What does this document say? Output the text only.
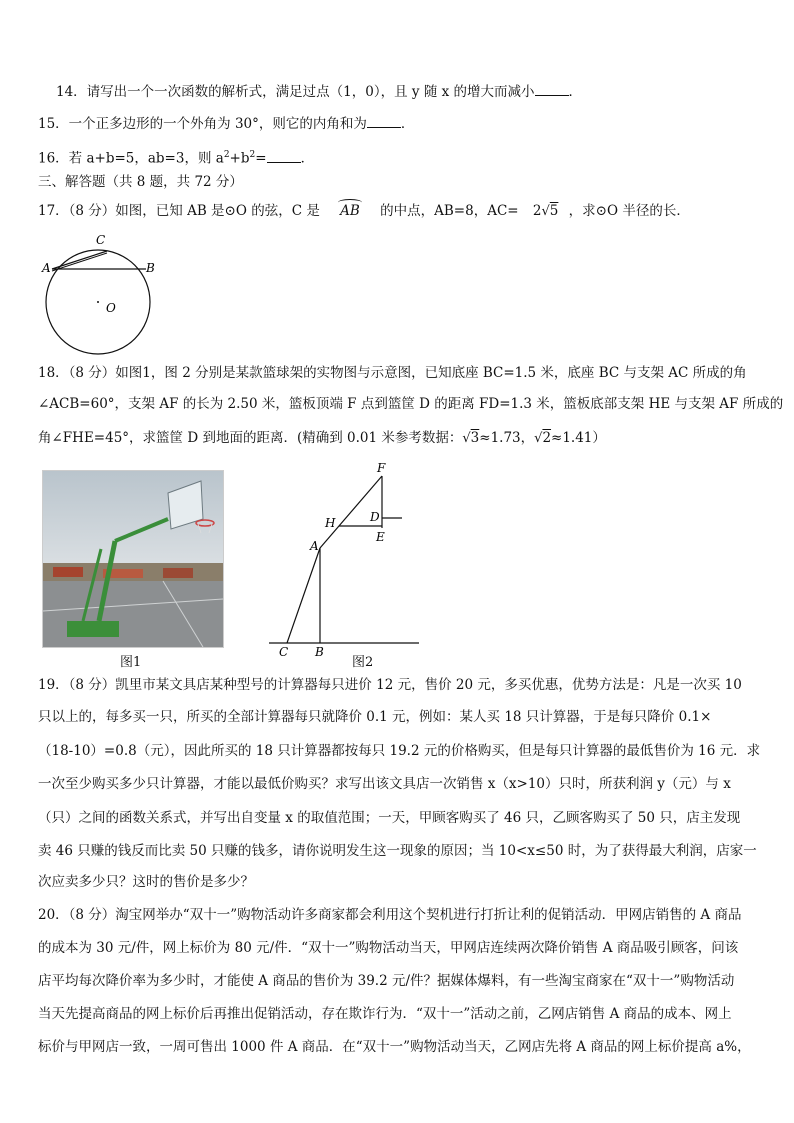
14．请写出一个一次函数的解析式，满足过点（1，0），且 y 随 x 的增大而减小	．
15．一个正多边形的一个外角为 30°，则它的内角和为	．
16．若 a+b=5，ab=3，则 $a^2+b^2=$	．
三、解答题（共 8 题，共 72 分）
17．（8 分）如图，已知 AB 是⊙O 的弦，C 是 AB 的中点，AB=8，AC= 2√5 ，求⊙O 半径的长．
C
A	B
O
18．（8 分）如图1，图 2 分别是某款篮球架的实物图与示意图，已知底座 BC=1.5 米，底座 BC 与支架 AC 所成的角
∠ACB=60°，支架 AF 的长为 2.50 米，篮板顶端 F 点到篮筐 D 的距离 FD=1.3 米，篮板底部支架 HE 与支架 AF 所成的
角∠FHE=45°，求篮筐 D 到地面的距离．(精确到 0.01 米参考数据：√3≈1.73，√2≈1.41）
图1
F
D
H
E
A
C B
图2
19．（8 分）凯里市某文具店某种型号的计算器每只进价 12 元，售价 20 元，多买优惠，优势方法是：凡是一次买 10
只以上的，每多买一只，所买的全部计算器每只就降价 0.1 元，例如：某人买 18 只计算器，于是每只降价 0.1×
（18-10）=0.8（元），因此所买的 18 只计算器都按每只 19.2 元的价格购买，但是每只计算器的最低售价为 16 元．求
一次至少购买多少只计算器，才能以最低价购买？求写出该文具店一次销售 x（x>10）只时，所获利润 y（元）与 x
（只）之间的函数关系式，并写出自变量 x 的取值范围；一天，甲顾客购买了 46 只，乙顾客购买了 50 只，店主发现
卖 46 只赚的钱反而比卖 50 只赚的钱多，请你说明发生这一现象的原因；当 10<x≤50 时，为了获得最大利润，店家一
次应卖多少只？这时的售价是多少？
20．（8 分）淘宝网举办“双十一”购物活动许多商家都会利用这个契机进行打折让利的促销活动．甲网店销售的 A 商品
的成本为 30 元/件，网上标价为 80 元/件．“双十一”购物活动当天，甲网店连续两次降价销售 A 商品吸引顾客，问该
店平均每次降价率为多少时，才能使 A 商品的售价为 39.2 元/件？据媒体爆料，有一些淘宝商家在“双十一”购物活动
当天先提高商品的网上标价后再推出促销活动，存在欺诈行为．“双十一”活动之前，乙网店销售 A 商品的成本、网上
标价与甲网店一致，一周可售出 1000 件 A 商品．在“双十一”购物活动当天，乙网店先将 A 商品的网上标价提高 a%，
